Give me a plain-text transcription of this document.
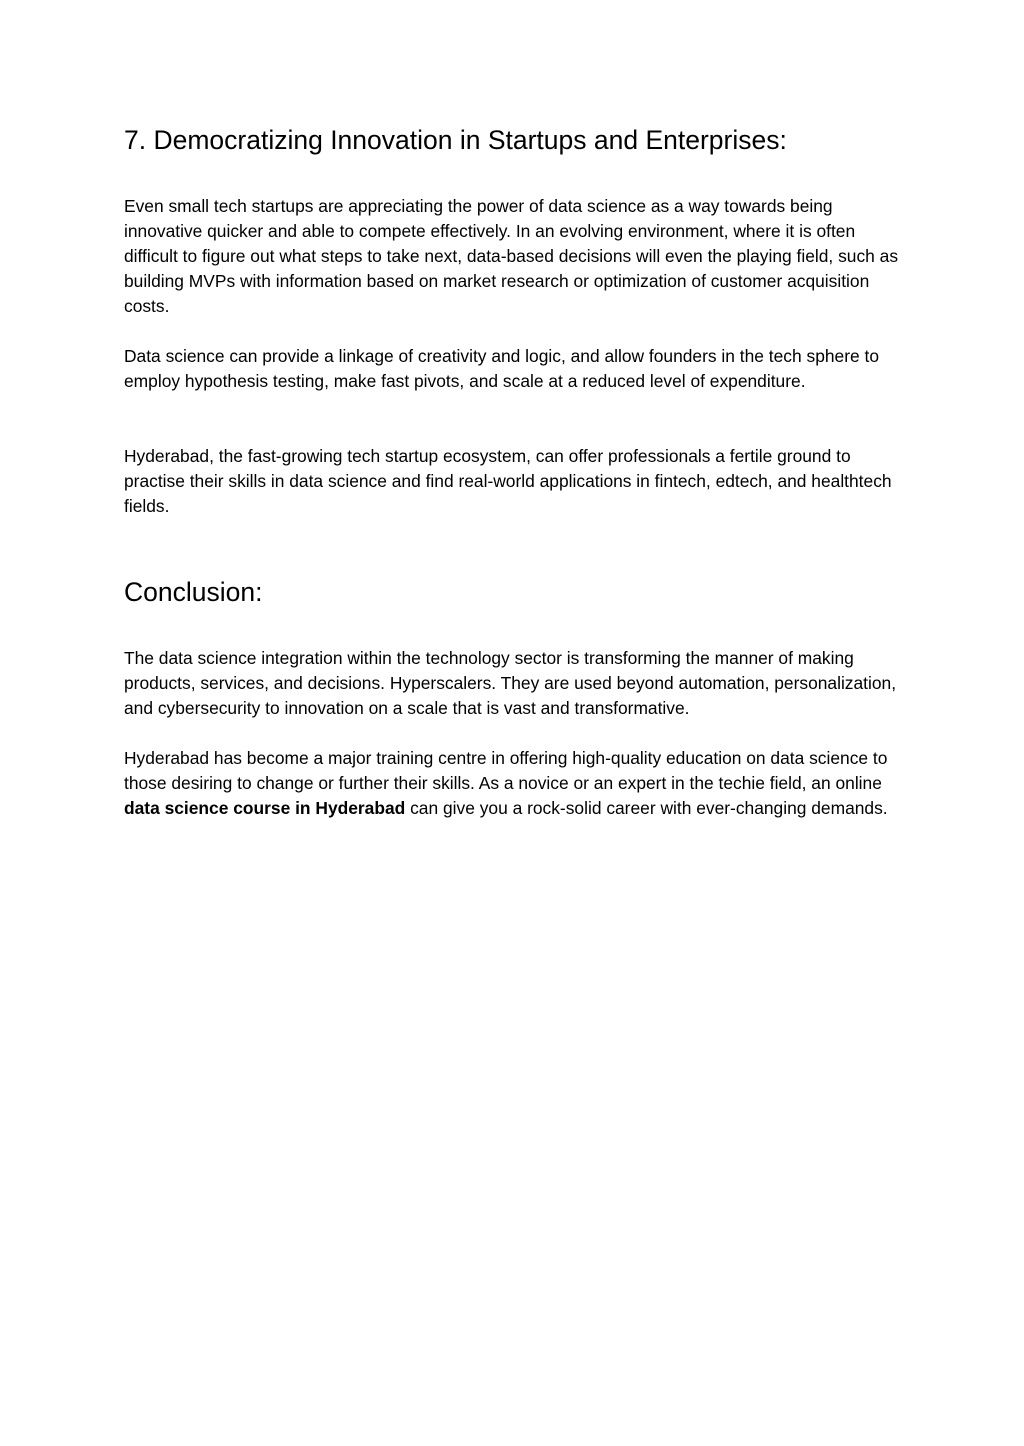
7. Democratizing Innovation in Startups and Enterprises:

Even small tech startups are appreciating the power of data science as a way towards being innovative quicker and able to compete effectively. In an evolving environment, where it is often difficult to figure out what steps to take next, data-based decisions will even the playing field, such as building MVPs with information based on market research or optimization of customer acquisition costs.

Data science can provide a linkage of creativity and logic, and allow founders in the tech sphere to employ hypothesis testing, make fast pivots, and scale at a reduced level of expenditure.

Hyderabad, the fast-growing tech startup ecosystem, can offer professionals a fertile ground to practise their skills in data science and find real-world applications in fintech, edtech, and healthtech fields.

Conclusion:

The data science integration within the technology sector is transforming the manner of making products, services, and decisions. Hyperscalers. They are used beyond automation, personalization, and cybersecurity to innovation on a scale that is vast and transformative.

Hyderabad has become a major training centre in offering high-quality education on data science to those desiring to change or further their skills. As a novice or an expert in the techie field, an online data science course in Hyderabad can give you a rock-solid career with ever-changing demands.
